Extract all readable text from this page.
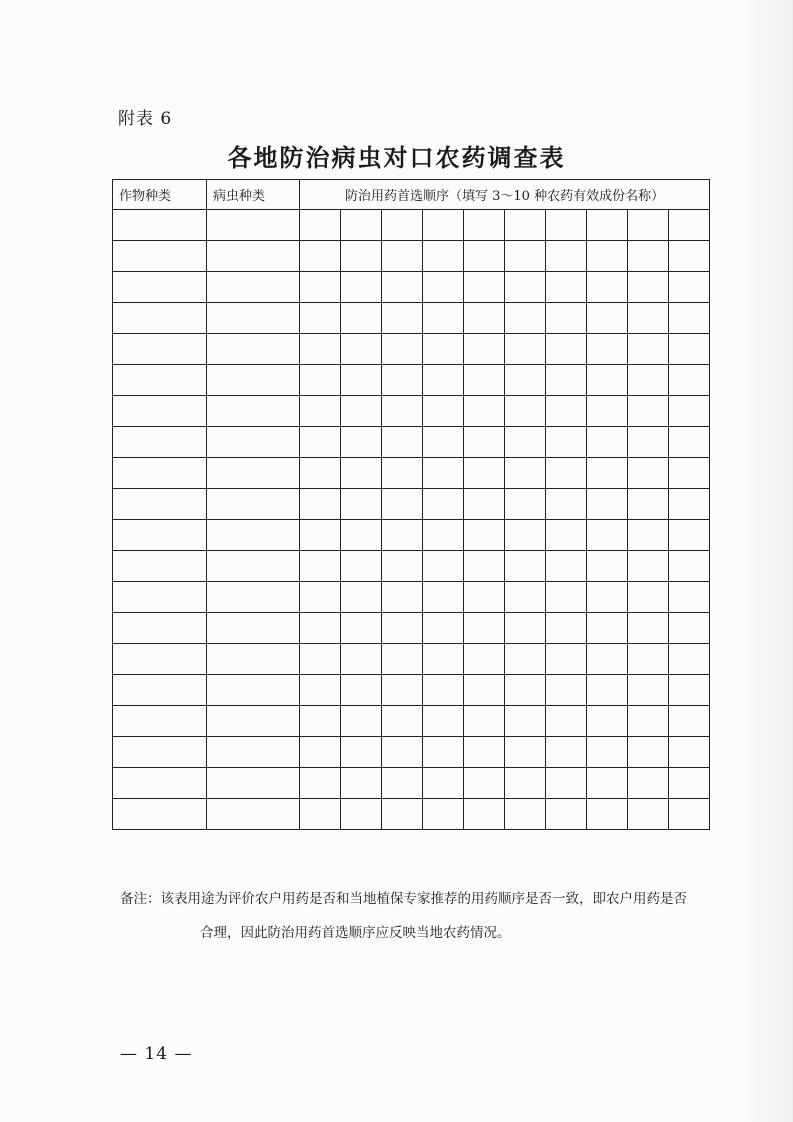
附表 6
各地防治病虫对口农药调查表
作物种类	病虫种类	防治用药首选顺序（填写 3～10 种农药有效成份名称）									

备注：该表用途为评价农户用药是否和当地植保专家推荐的用药顺序是否一致，即农户用药是否
合理，因此防治用药首选顺序应反映当地农药情况。
— 14 —
